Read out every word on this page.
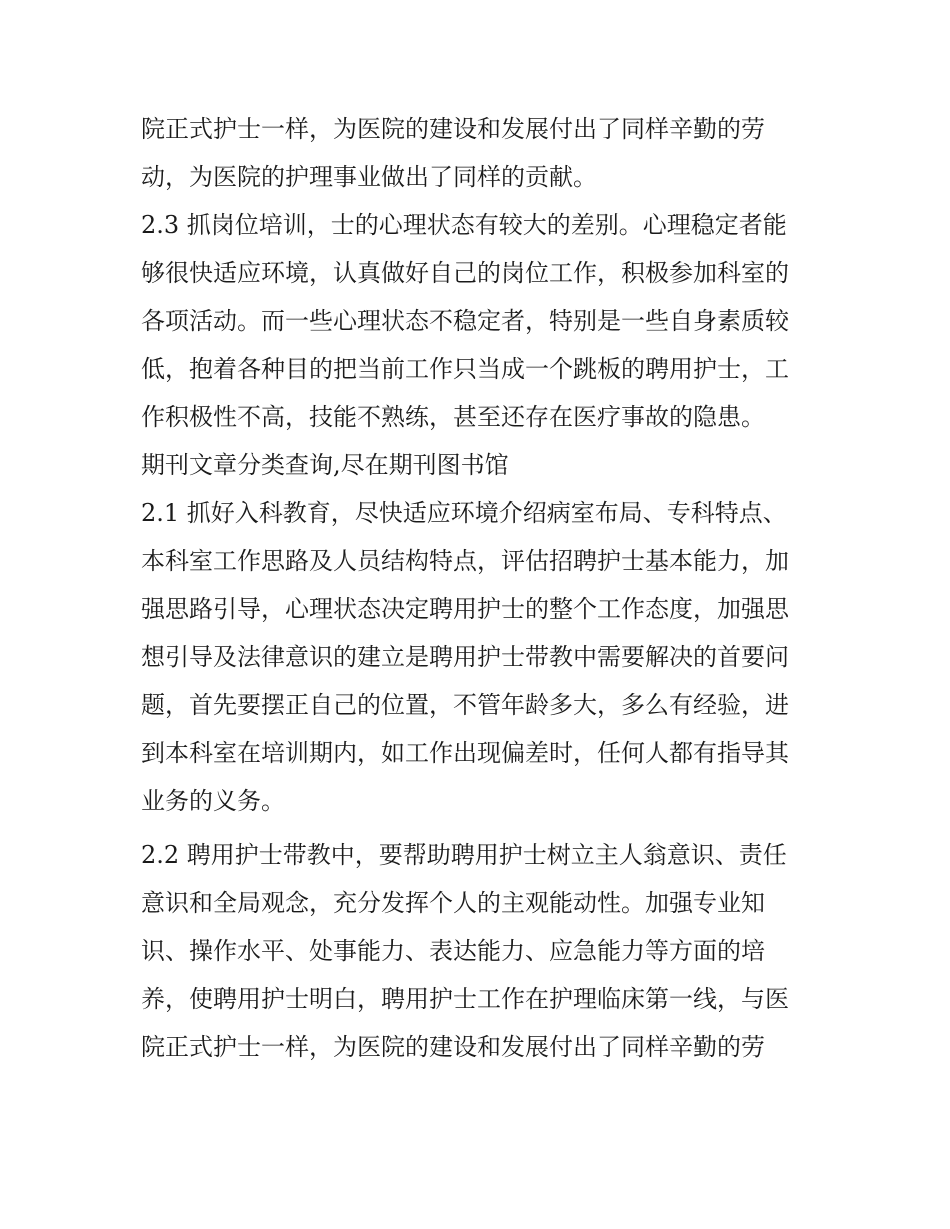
院正式护士一样，为医院的建设和发展付出了同样辛勤的劳
动，为医院的护理事业做出了同样的贡献。
2.3 抓岗位培训，士的心理状态有较大的差别。心理稳定者能
够很快适应环境，认真做好自己的岗位工作，积极参加科室的
各项活动。而一些心理状态不稳定者，特别是一些自身素质较
低，抱着各种目的把当前工作只当成一个跳板的聘用护士，工
作积极性不高，技能不熟练，甚至还存在医疗事故的隐患。
期刊文章分类查询,尽在期刊图书馆
2.1 抓好入科教育，尽快适应环境介绍病室布局、专科特点、
本科室工作思路及人员结构特点，评估招聘护士基本能力，加
强思路引导，心理状态决定聘用护士的整个工作态度，加强思
想引导及法律意识的建立是聘用护士带教中需要解决的首要问
题，首先要摆正自己的位置，不管年龄多大，多么有经验，进
到本科室在培训期内，如工作出现偏差时，任何人都有指导其
业务的义务。
2.2 聘用护士带教中，要帮助聘用护士树立主人翁意识、责任
意识和全局观念，充分发挥个人的主观能动性。加强专业知
识、操作水平、处事能力、表达能力、应急能力等方面的培
养，使聘用护士明白，聘用护士工作在护理临床第一线，与医
院正式护士一样，为医院的建设和发展付出了同样辛勤的劳
